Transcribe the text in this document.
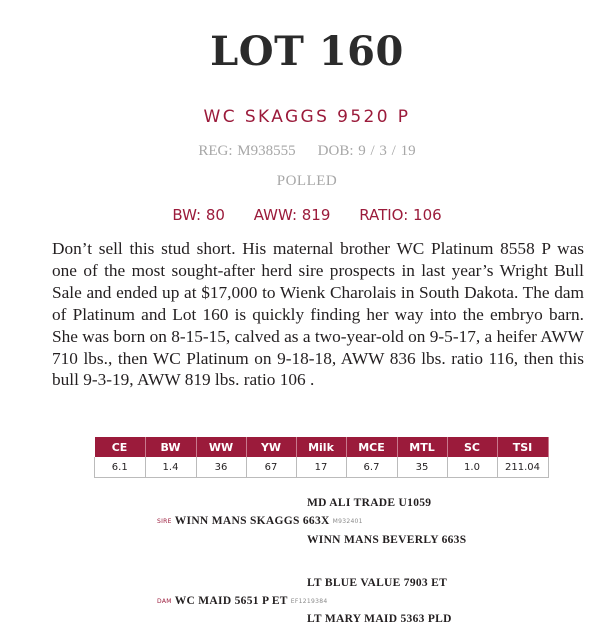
LOT 160
WC SKAGGS 9520 P
REG: M938555 DOB: 9 / 3 / 19
POLLED
BW: 80 AWW: 819 RATIO: 106
Don’t sell this stud short. His maternal brother WC Platinum 8558 P was one of the most sought-after herd sire prospects in last year’s Wright Bull Sale and ended up at $17,000 to Wienk Charolais in South Dakota. The dam of Platinum and Lot 160 is quickly finding her way into the embryo barn. She was born on 8-15-15, calved as a two-year-old on 9-5-17, a heifer AWW 710 lbs., then WC Platinum on 9-18-18, AWW 836 lbs. ratio 116, then this bull 9-3-19, AWW 819 lbs. ratio 106 .
CE	BW	WW	YW	Milk	MCE	MTL	SC	TSI
6.1	1.4	36	67	17	6.7	35	1.0	211.04
MD ALI TRADE U1059
SIRE WINN MANS SKAGGS 663X M932401
WINN MANS BEVERLY 663S
LT BLUE VALUE 7903 ET
DAM WC MAID 5651 P ET EF1219384
LT MARY MAID 5363 PLD
